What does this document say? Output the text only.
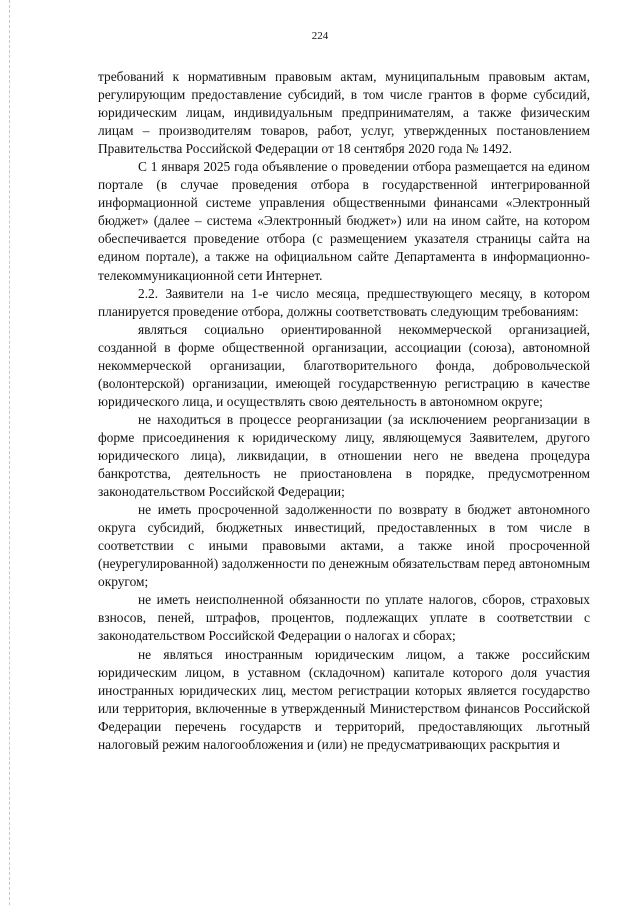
224

требований к нормативным правовым актам, муниципальным правовым актам, регулирующим предоставление субсидий, в том числе грантов в форме субсидий, юридическим лицам, индивидуальным предпринимателям, а также физическим лицам – производителям товаров, работ, услуг, утвержденных постановлением Правительства Российской Федерации от 18 сентября 2020 года № 1492.

С 1 января 2025 года объявление о проведении отбора размещается на едином портале (в случае проведения отбора в государственной интегрированной информационной системе управления общественными финансами «Электронный бюджет» (далее – система «Электронный бюджет») или на ином сайте, на котором обеспечивается проведение отбора (с размещением указателя страницы сайта на едином портале), а также на официальном сайте Департамента в информационно-телекоммуникационной сети Интернет.

2.2. Заявители на 1-е число месяца, предшествующего месяцу, в котором планируется проведение отбора, должны соответствовать следующим требованиям:

являться социально ориентированной некоммерческой организацией, созданной в форме общественной организации, ассоциации (союза), автономной некоммерческой организации, благотворительного фонда, добровольческой (волонтерской) организации, имеющей государственную регистрацию в качестве юридического лица, и осуществлять свою деятельность в автономном округе;

не находиться в процессе реорганизации (за исключением реорганизации в форме присоединения к юридическому лицу, являющемуся Заявителем, другого юридического лица), ликвидации, в отношении него не введена процедура банкротства, деятельность не приостановлена в порядке, предусмотренном законодательством Российской Федерации;

не иметь просроченной задолженности по возврату в бюджет автономного округа субсидий, бюджетных инвестиций, предоставленных в том числе в соответствии с иными правовыми актами, а также иной просроченной (неурегулированной) задолженности по денежным обязательствам перед автономным округом;

не иметь неисполненной обязанности по уплате налогов, сборов, страховых взносов, пеней, штрафов, процентов, подлежащих уплате в соответствии с законодательством Российской Федерации о налогах и сборах;

не являться иностранным юридическим лицом, а также российским юридическим лицом, в уставном (складочном) капитале которого доля участия иностранных юридических лиц, местом регистрации которых является государство или территория, включенные в утвержденный Министерством финансов Российской Федерации перечень государств и территорий, предоставляющих льготный налоговый режим налогообложения и (или) не предусматривающих раскрытия и
